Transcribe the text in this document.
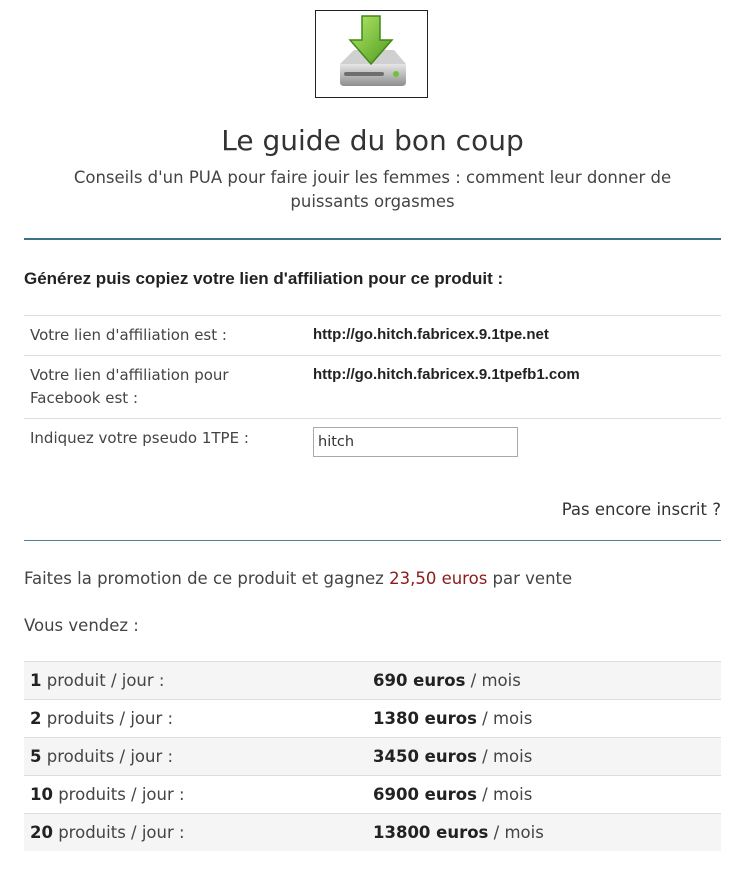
Le guide du bon coup
Conseils d'un PUA pour faire jouir les femmes : comment leur donner de puissants orgasmes
Générez puis copiez votre lien d'affiliation pour ce produit :
Votre lien d'affiliation est :	http://go.hitch.fabricex.9.1tpe.net
Votre lien d'affiliation pour Facebook est :	http://go.hitch.fabricex.9.1tpefb1.com
Indiquez votre pseudo 1TPE :	hitch
Pas encore inscrit ?
Faites la promotion de ce produit et gagnez 23,50 euros par vente
Vous vendez :
1 produit / jour :	690 euros / mois
2 produits / jour :	1380 euros / mois
5 produits / jour :	3450 euros / mois
10 produits / jour :	6900 euros / mois
20 produits / jour :	13800 euros / mois
